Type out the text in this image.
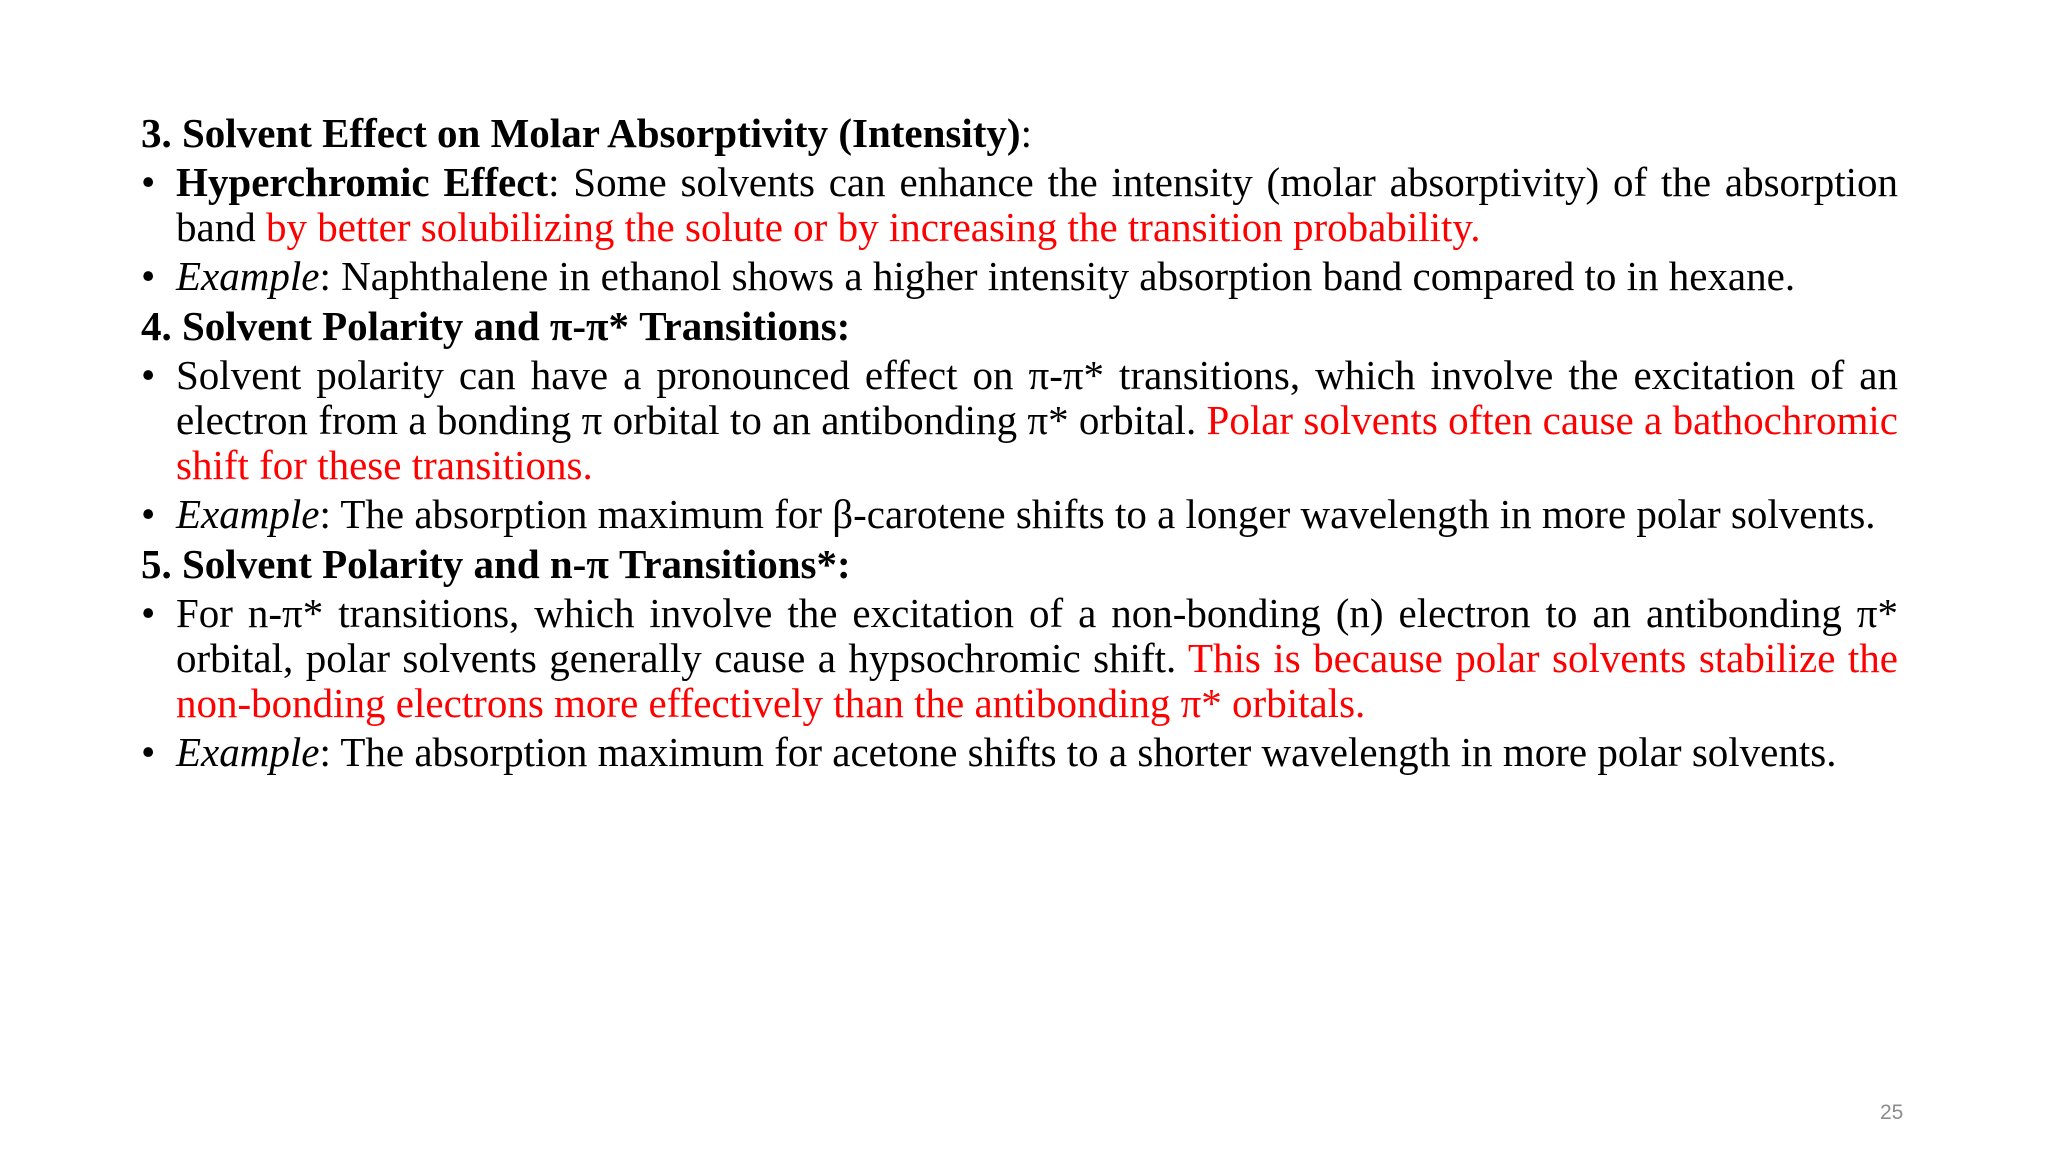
3. Solvent Effect on Molar Absorptivity (Intensity):
• Hyperchromic Effect: Some solvents can enhance the intensity (molar absorptivity) of the absorption band by better solubilizing the solute or by increasing the transition probability.
• Example: Naphthalene in ethanol shows a higher intensity absorption band compared to in hexane.
4. Solvent Polarity and π-π* Transitions:
• Solvent polarity can have a pronounced effect on π-π* transitions, which involve the excitation of an electron from a bonding π orbital to an antibonding π* orbital. Polar solvents often cause a bathochromic shift for these transitions.
• Example: The absorption maximum for β-carotene shifts to a longer wavelength in more polar solvents.
5. Solvent Polarity and n-π Transitions*:
• For n-π* transitions, which involve the excitation of a non-bonding (n) electron to an antibonding π* orbital, polar solvents generally cause a hypsochromic shift. This is because polar solvents stabilize the non-bonding electrons more effectively than the antibonding π* orbitals.
• Example: The absorption maximum for acetone shifts to a shorter wavelength in more polar solvents.
25
